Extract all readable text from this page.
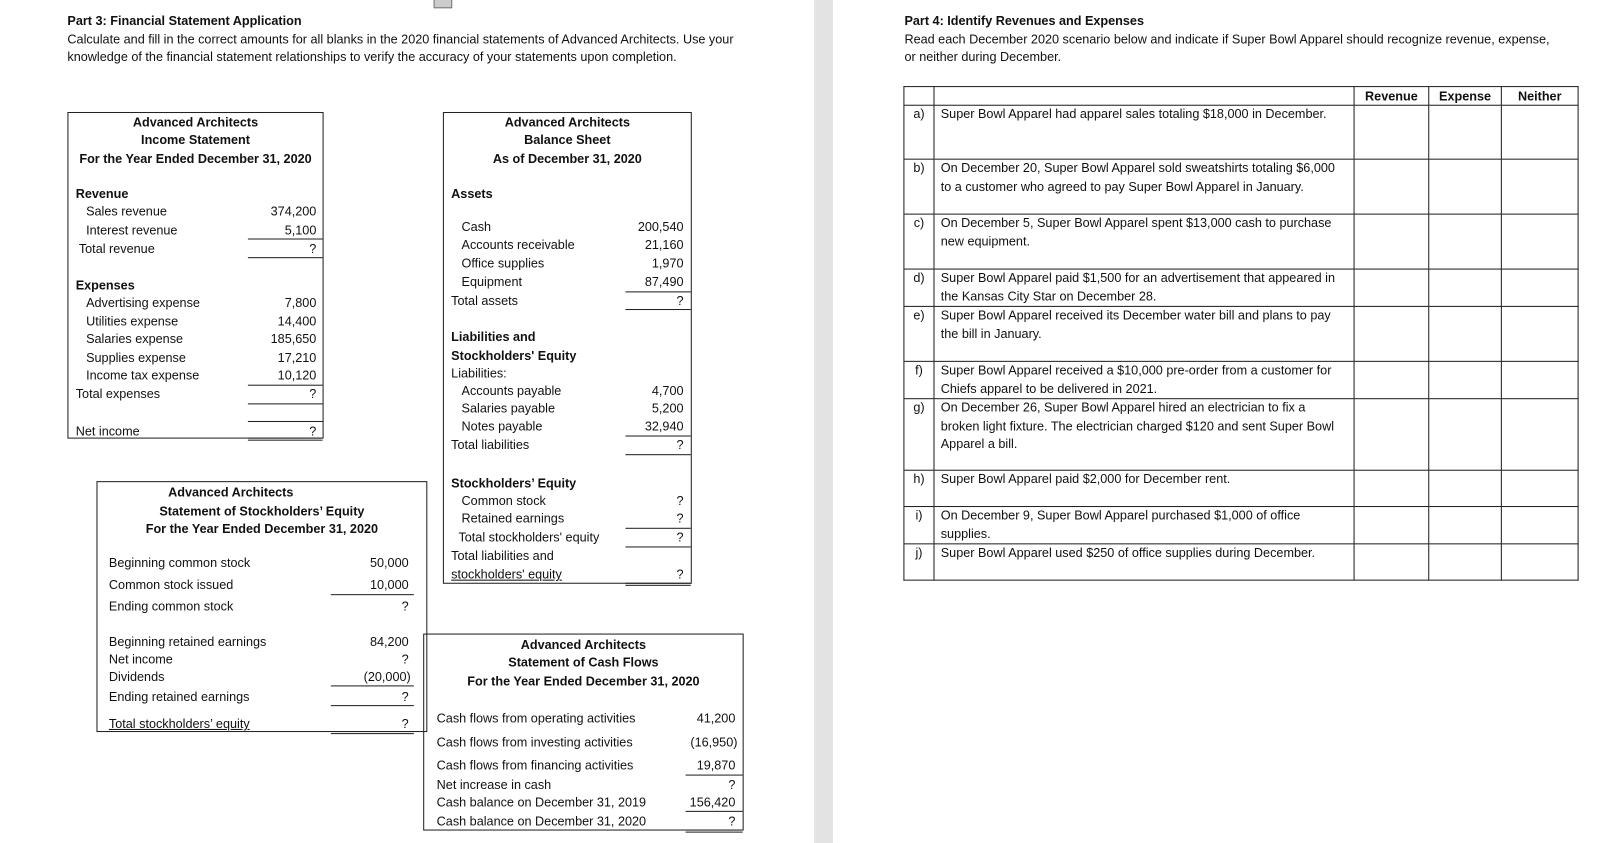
Part 3: Financial Statement Application
Calculate and fill in the correct amounts for all blanks in the 2020 financial statements of Advanced Architects. Use your knowledge of the financial statement relationships to verify the accuracy of your statements upon completion.
Advanced Architects
Income Statement
For the Year Ended December 31, 2020
Revenue
Sales revenue	374,200
Interest revenue	5,100
Total revenue	?
Expenses
Advertising expense	7,800
Utilities expense	14,400
Salaries expense	185,650
Supplies expense	17,210
Income tax expense	10,120
Total expenses	?
Net income	?
Advanced Architects
Balance Sheet
As of December 31, 2020
Assets
Cash	200,540
Accounts receivable	21,160
Office supplies	1,970
Equipment	87,490
Total assets	?
Liabilities and
Stockholders' Equity
Liabilities:
Accounts payable	4,700
Salaries payable	5,200
Notes payable	32,940
Total liabilities	?
Stockholders’ Equity
Common stock	?
Retained earnings	?
Total stockholders' equity	?
Total liabilities and
stockholders' equity	?
Advanced Architects
Statement of Stockholders’ Equity
For the Year Ended December 31, 2020
Beginning common stock	50,000
Common stock issued	10,000
Ending common stock	?
Beginning retained earnings	84,200
Net income	?
Dividends	(20,000)
Ending retained earnings	?
Total stockholders’ equity	?
Advanced Architects
Statement of Cash Flows
For the Year Ended December 31, 2020
Cash flows from operating activities	41,200
Cash flows from investing activities	(16,950)
Cash flows from financing activities	19,870
Net increase in cash	?
Cash balance on December 31, 2019	156,420
Cash balance on December 31, 2020	?
Part 4: Identify Revenues and Expenses
Read each December 2020 scenario below and indicate if Super Bowl Apparel should recognize revenue, expense, or neither during December.
		Revenue	Expense	Neither
a)	Super Bowl Apparel had apparel sales totaling $18,000 in December.			
b)	On December 20, Super Bowl Apparel sold sweatshirts totaling $6,000 to a customer who agreed to pay Super Bowl Apparel in January.			
c)	On December 5, Super Bowl Apparel spent $13,000 cash to purchase new equipment.			
d)	Super Bowl Apparel paid $1,500 for an advertisement that appeared in the Kansas City Star on December 28.			
e)	Super Bowl Apparel received its December water bill and plans to pay the bill in January.			
f)	Super Bowl Apparel received a $10,000 pre-order from a customer for Chiefs apparel to be delivered in 2021.			
g)	On December 26, Super Bowl Apparel hired an electrician to fix a broken light fixture. The electrician charged $120 and sent Super Bowl Apparel a bill.			
h)	Super Bowl Apparel paid $2,000 for December rent.			
i)	On December 9, Super Bowl Apparel purchased $1,000 of office supplies.			
j)	Super Bowl Apparel used $250 of office supplies during December.			
